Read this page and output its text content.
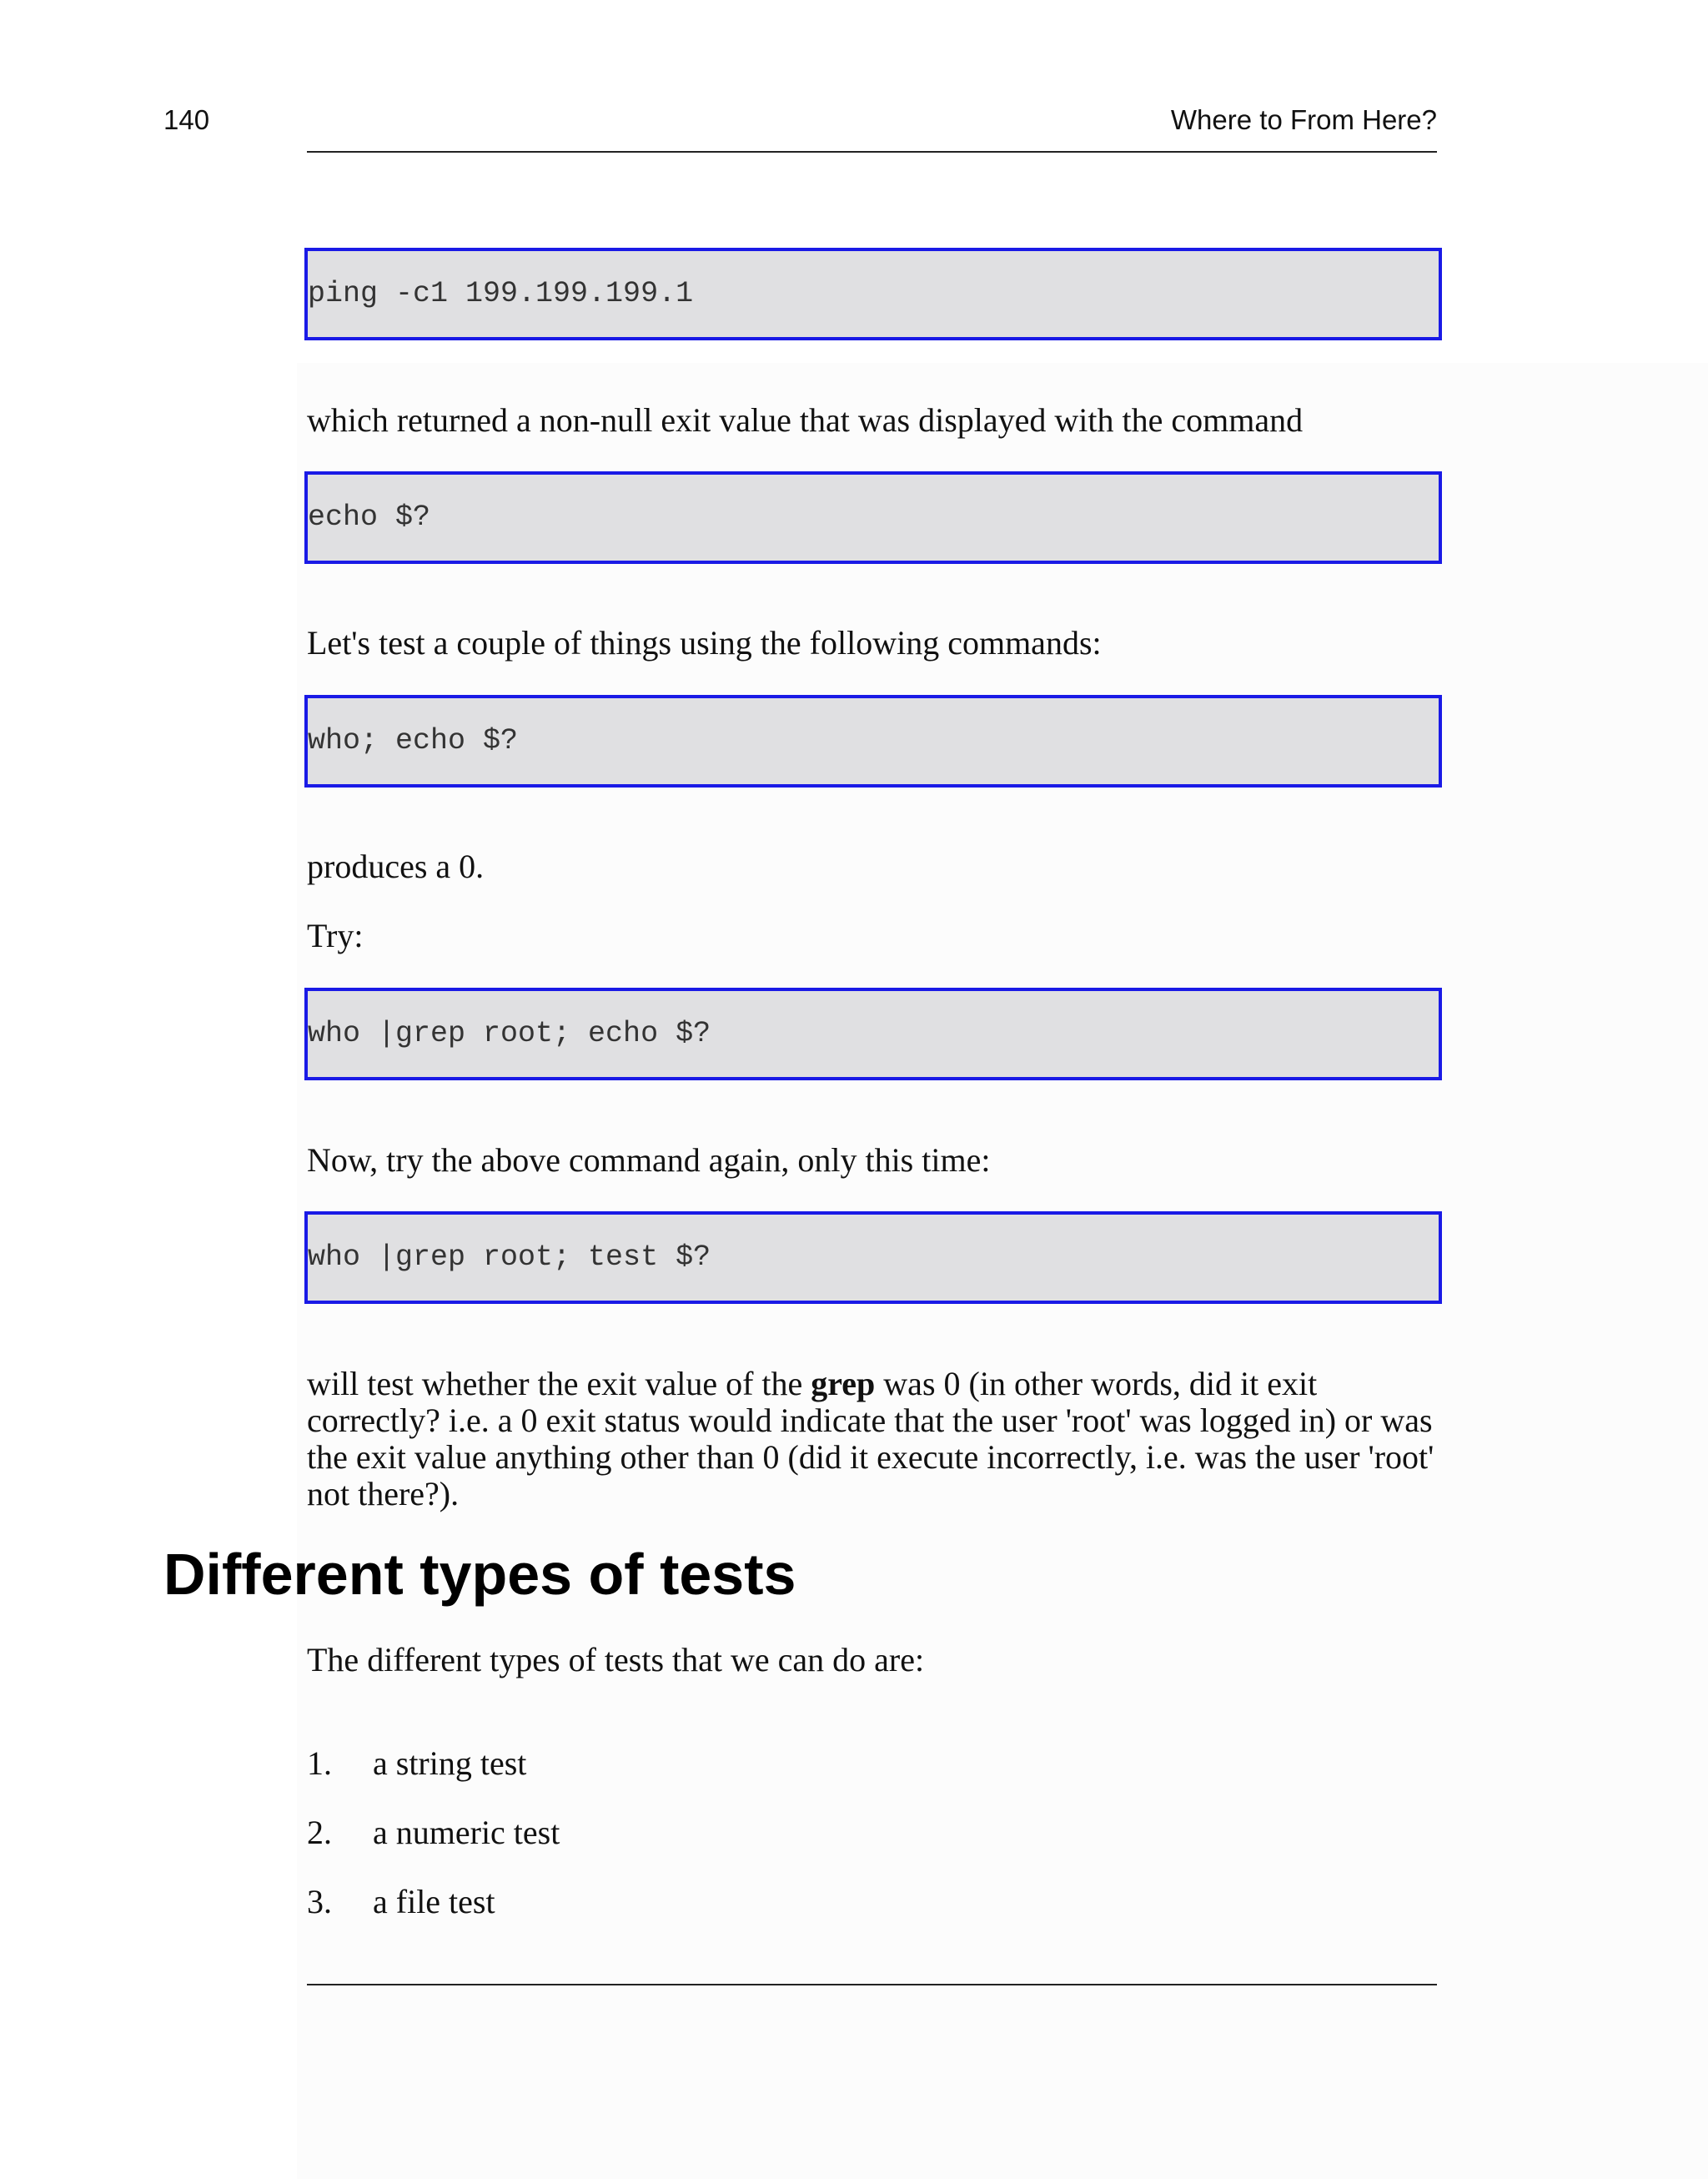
140	Where to From Here?
ping -c1 199.199.199.1
which returned a non-null exit value that was displayed with the command
echo $?
Let's test a couple of things using the following commands:
who; echo $?
produces a 0.
Try:
who |grep root; echo $?
Now, try the above command again, only this time:
who |grep root; test $?
will test whether the exit value of the grep was 0 (in other words, did it exit correctly? i.e. a 0 exit status would indicate that the user 'root' was logged in) or was the exit value anything other than 0 (did it execute incorrectly, i.e. was the user 'root' not there?).
Different types of tests
The different types of tests that we can do are:
1. a string test
2. a numeric test
3. a file test
